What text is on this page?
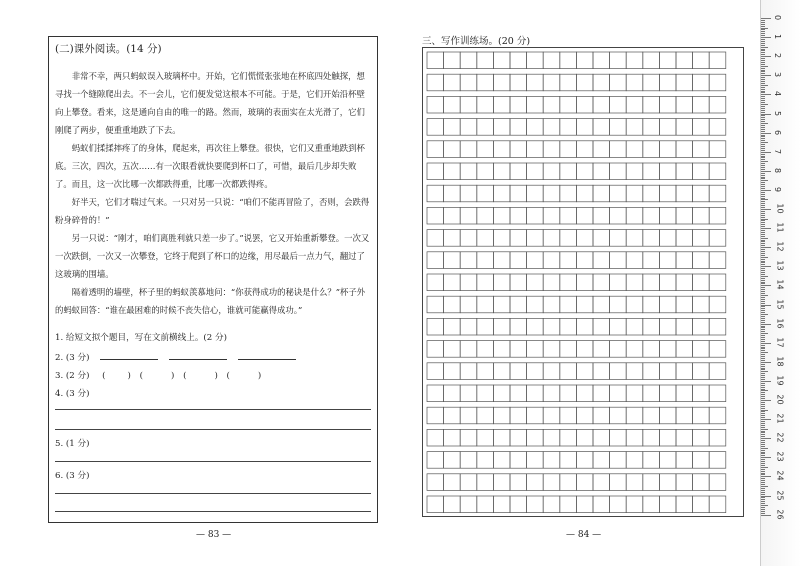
(二)课外阅读。(14 分)

非常不幸，两只蚂蚁误入玻璃杯中。开始，它们慌慌张张地在杯底四处触探，想寻找一个缝隙爬出去。不一会儿，它们便发觉这根本不可能。于是，它们开始沿杯壁向上攀登。看来，这是通向自由的唯一的路。然而，玻璃的表面实在太光滑了，它们刚爬了两步，便重重地跌了下去。

蚂蚁们揉揉摔疼了的身体，爬起来，再次往上攀登。很快，它们又重重地跌到杯底。三次，四次，五次……有一次眼看就快要爬到杯口了，可惜，最后几步却失败了。而且，这一次比哪一次都跌得重，比哪一次都跌得疼。

好半天，它们才喘过气来。一只对另一只说：“咱们不能再冒险了，否则，会跌得粉身碎骨的！”

另一只说：“刚才，咱们离胜利就只差一步了。”说罢，它又开始重新攀登。一次又一次跌倒，一次又一次攀登，它终于爬到了杯口的边缘，用尽最后一点力气，翻过了这玻璃的围墙。

隔着透明的墙壁，杯子里的蚂蚁羡慕地问：“你获得成功的秘诀是什么？”杯子外的蚂蚁回答：“谁在最困难的时候不丧失信心，谁就可能赢得成功。”

1. 给短文拟个题目，写在文前横线上。(2 分)
2. (3 分)
3. (2 分) (	) (	) (	) (	)
4. (3 分)
5. (1 分)
6. (3 分)
— 83 —
三、写作训练场。(20 分)
— 84 —
0
1
2
3
4
5
6
7
8
9
10
11
12
13
14
15
16
17
18
19
20
21
22
23
24
25
26
